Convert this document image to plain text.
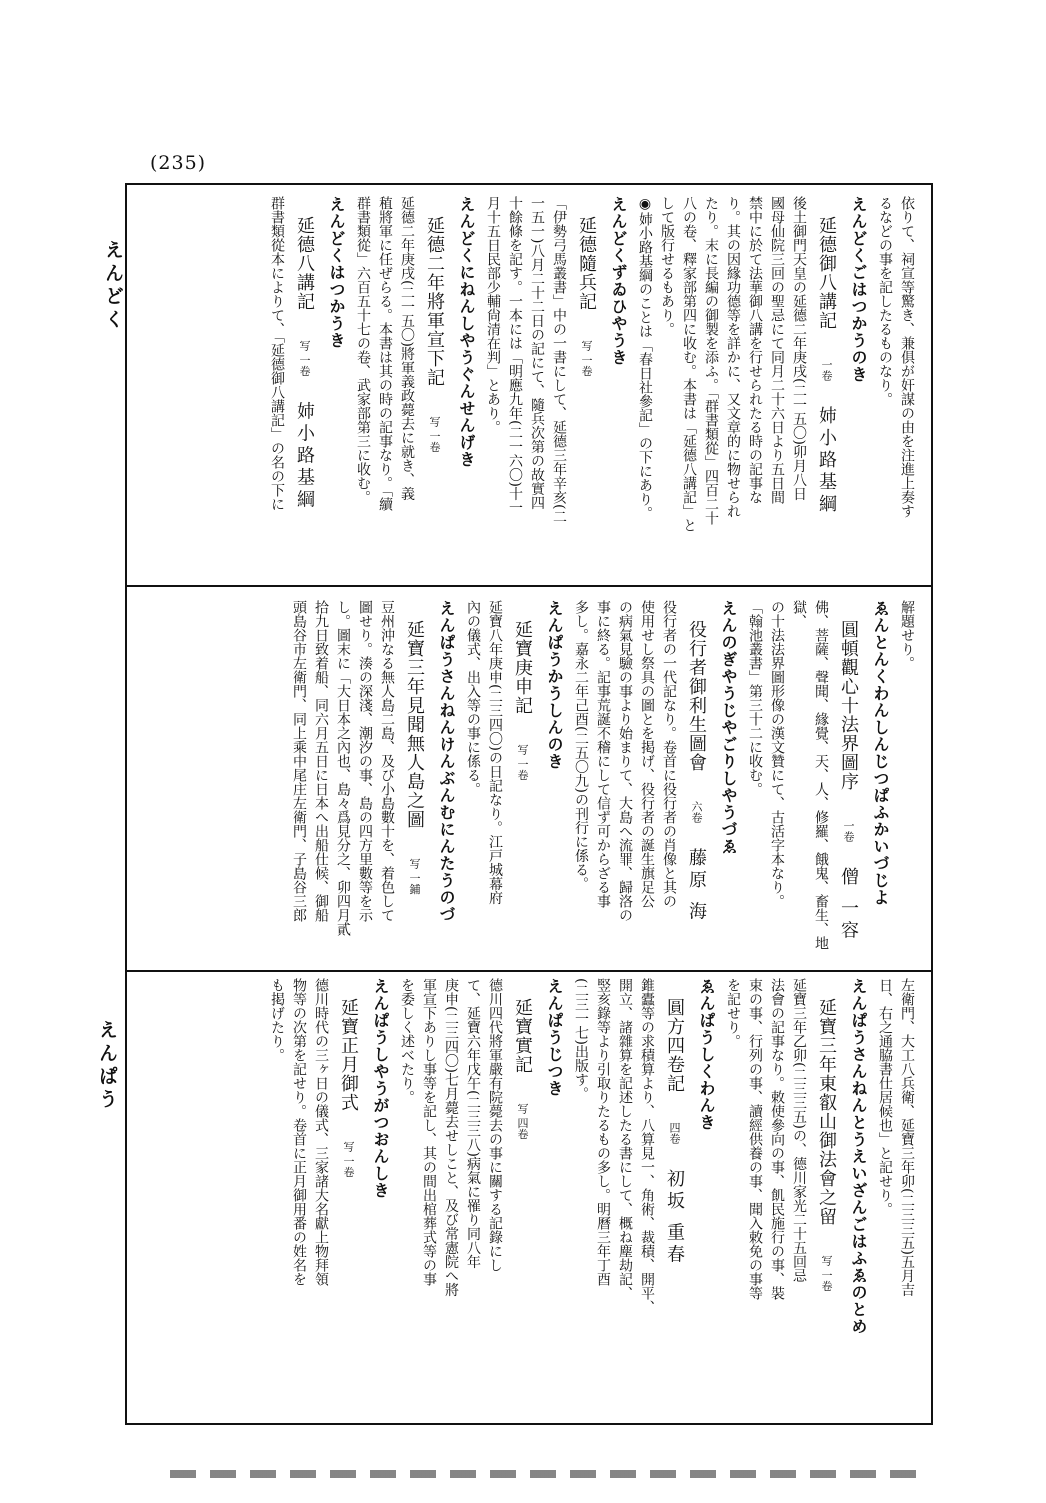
(235)
えんどく
えんぱう
依りて、祠宣等驚き、兼俱が奸謀の由を注進上奏す
るなどの事を記したるものなり。
えんどくごはつかうのき
延德御八講記　一卷　姉小路基綱
後土御門天皇の延德二年庚戌(二一五〇)卯月八日
國母仙院三回の聖忌にて同月二十六日より五日間
禁中に於て法華御八講を行せられたる時の記事な
り。其の因緣功德等を詳かに、又文章的に物せられ
たり。末に長編の御製を添ふ。「群書類從」四百二十
八の卷、釋家部第四に收む。本書は「延德八講記」と
して版行せるもあり。
◉姉小路基綱のことは「春日社參記」の下にあり。
えんどくずゐひやうき
延德隨兵記　写 一卷
「伊勢弓馬叢書」中の一書にして、延德三年辛亥(二
一五一)八月二十二日の記にて、隨兵次第の故實四
十餘條を記す。一本には「明應九年(二一六〇)十一
月十五日民部少輔尙清在判」とあり。
えんどくにねんしやうぐんせんげき
延德二年將軍宣下記　写 一卷
延德二年庚戌(二一五〇)將軍義政薨去に就き、義
稙將軍に任ぜらる。本書は其の時の記事なり。「續
群書類從」六百五十七の卷、武家部第三に收む。
えんどくはつかうき
延德八講記　写 一卷　姉小路基綱
群書類從本によりて、「延德御八講記」の名の下に
解題せり。
ゑんとんくわんしんじつぱふかいづじよ
圓頓觀心十法界圖序　一卷　僧 一容
佛、菩薩、聲聞、緣覺、天、人、修羅、餓鬼、畜生、地獄、
の十法法界圖形像の漢文贊にて、古活字本なり。
「翰池叢書」第三十二に收む。
えんのぎやうじやごりしやうづゑ
役行者御利生圖會　六卷　藤原 海
役行者の一代記なり。卷首に役行者の肖像と其の
使用せし祭具の圖とを掲げ、役行者の誕生旗足公
の病氣見驗の事より始まりて、大島へ流罪、歸洛の
事に終る。記事荒誕不稽にして信ず可からざる事
多し。嘉永二年己酉(二五〇九)の刊行に係る。
えんぱうかうしんのき
延寶庚申記　写 一卷
延寶八年庚申(二三四〇)の日記なり。江戸城幕府
內の儀式、出入等の事に係る。
えんぱうさんねんけんぶんむにんたうのづ
延寶三年見聞無人島之圖　写 一鋪
豆州沖なる無人島二島、及び小島數十を、着色して
圖せり。湊の深淺、潮汐の事、島の四方里數等を示
し。圖末に「大日本之內也、島々爲見分之、卯四月貳
拾九日致着船、同六月五日に日本へ出船仕候、御船
頭島谷市左衛門、同上乘中尾庄左衛門、子島谷三郎
左衛門、大工八兵衛、延寶三年卯(二三三五)五月吉
日、右之通脇書仕居候也」と記せり。
えんぱうさんねんとうえいざんごはふゑのとめ
延寶三年東叡山御法會之留　写 一卷
延寶三年乙卯(二三三五)の、德川家光二十五回忌
法會の記事なり。敕使參向の事、飢民施行の事、裝
束の事、行列の事、讀經供養の事、聞入敕免の事等
を記せり。
ゑんぱうしくわんき
圓方四卷記　四卷　初坂 重春
錐蠹等の求積算より、八算見一、角術、裁積、開平、
開立、諸雜算を記述したる書にして、概ね塵劫記、
竪亥錄等より引取りたるもの多し。明曆三年丁酉
(二三一七)出版す。
えんぱうじつき
延寶實記　写 四卷
德川四代將軍嚴有院薨去の事に關する記錄にし
て、延寶六年戊午(二三三八)病氣に罹り同八年
庚申(二三四〇)七月薨去せしこと、及び常憲院へ將
軍宣下ありし事等を記し、其の間出棺葬式等の事
を委しく述べたり。
えんぱうしやうがつおんしき
延寶正月御式　写 一卷
德川時代の三ヶ日の儀式、三家諸大名獻上物拜領
物等の次第を記せり。卷首に正月御用番の姓名を
も掲げたり。
